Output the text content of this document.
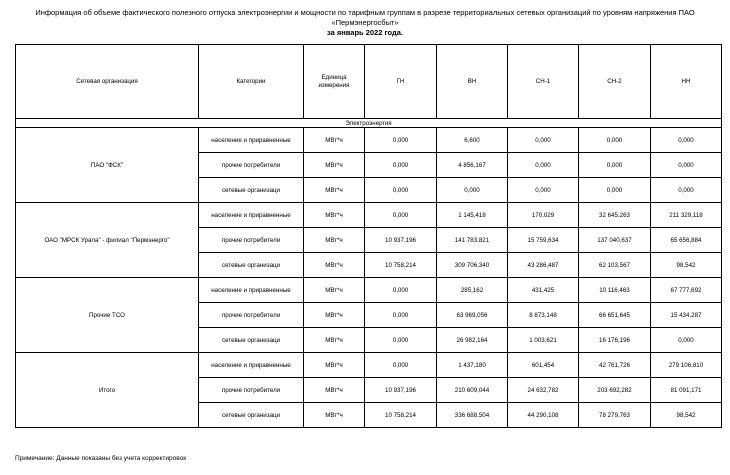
Информация об объеме фактического полезного отпуска электроэнергии и мощности по тарифным группам в разрезе территориальных сетевых организаций по уровням напряжения ПАО
«Пермэнергосбыт»
за январь 2022 года.
Сетевая организация	Категории	Единица измерения	ГН	ВН	СН-1	СН-2	НН
Электроэнергия							
ПАО "ФСК"	население и приравненные	МВт*ч	0,000	6,600	0,000	0,000	0,000
	прочие потребители	МВт*ч	0,000	4 856,167	0,000	0,000	0,000
	сетевые организаци	МВт*ч	0,000	0,000	0,000	0,000	0,000
ОАО "МРСК Урала" - филиал "Пермэнерго"	население и приравненные	МВт*ч	0,000	1 145,418	170,029	32 645,263	211 329,118
	прочие потребители	МВт*ч	10 937,196	141 783,821	15 759,634	137 040,637	65 656,884
	сетевые организаци	МВт*ч	10 758,214	309 706,340	43 286,487	62 103,567	98,542
Прочие ТСО	население и приравненные	МВт*ч	0,000	285,162	431,425	10 116,463	67 777,692
	прочие потребители	МВт*ч	0,000	63 969,056	8 873,148	66 651,645	15 434,287
	сетевые организаци	МВт*ч	0,000	26 982,164	1 003,621	16 176,196	0,000
Итого	население и приравненные	МВт*ч	0,000	1 437,180	601,454	42 761,726	279 106,810
	прочие потребители	МВт*ч	10 937,196	210 609,044	24 632,782	203 692,282	81 091,171
	сетевые организаци	МВт*ч	10 758,214	336 688,504	44 290,108	78 279,763	98,542
Примечание: Данные показаны без учета корректировок
